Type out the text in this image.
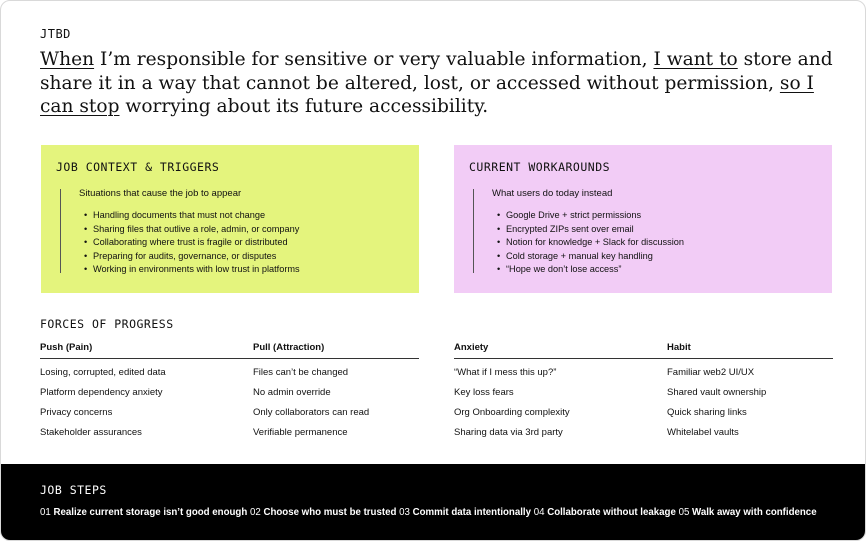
JTBD

When I’m responsible for sensitive or very valuable information, I want to store and share it in a way that cannot be altered, lost, or accessed without permission, so I can stop worrying about its future accessibility.

JOB CONTEXT & TRIGGERS
Situations that cause the job to appear
• Handling documents that must not change
• Sharing files that outlive a role, admin, or company
• Collaborating where trust is fragile or distributed
• Preparing for audits, governance, or disputes
• Working in environments with low trust in platforms
CURRENT WORKAROUNDS
What users do today instead
• Google Drive + strict permissions
• Encrypted ZIPs sent over email
• Notion for knowledge + Slack for discussion
• Cold storage + manual key handling
• “Hope we don’t lose access”
FORCES OF PROGRESS
Push (Pain)	Pull (Attraction)
Losing, corrupted, edited data
Platform dependency anxiety
Privacy concerns
Stakeholder assurances
Files can’t be changed
No admin override
Only collaborators can read
Verifiable permanence
Anxiety	Habit
“What if I mess this up?”
Key loss fears
Org Onboarding complexity
Sharing data via 3rd party
Familiar web2 UI/UX
Shared vault ownership
Quick sharing links
Whitelabel vaults
JOB STEPS
01 Realize current storage isn’t good enough 02 Choose who must be trusted 03 Commit data intentionally 04 Collaborate without leakage 05 Walk away with confidence
